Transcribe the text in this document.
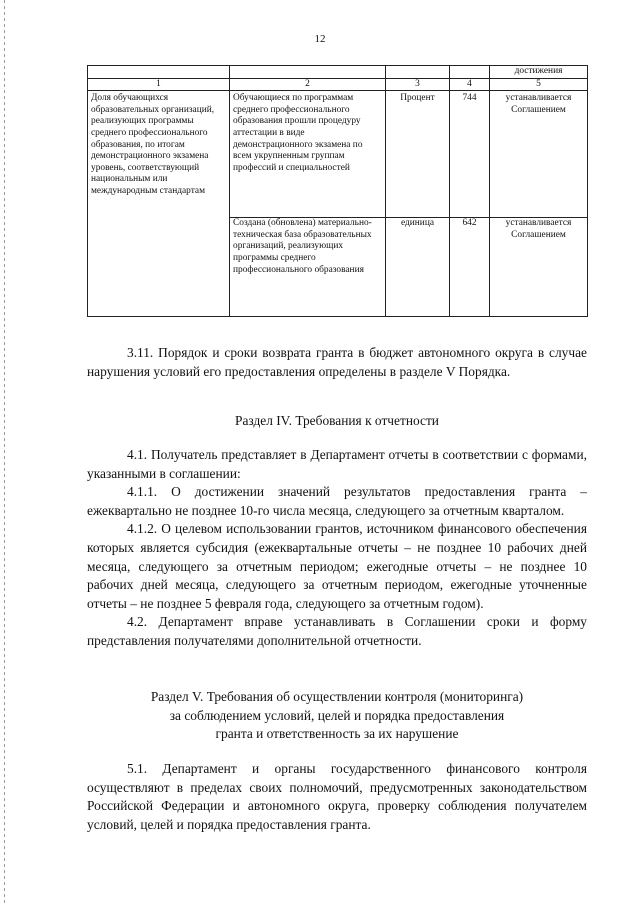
12
				достижения
1	2	3	4	5
Доля обучающихся образовательных организаций, реализующих программы среднего профессионального образования, по итогам демонстрационного экзамена уровень, соответствующий национальным или международным стандартам	Обучающиеся по программам среднего профессионального образования прошли процедуру аттестации в виде демонстрационного экзамена по всем укрупненным группам профессий и специальностей	Процент	744	устанавливается Соглашением
	Создана (обновлена) материально-техническая база образовательных организаций, реализующих программы среднего профессионального образования	единица	642	устанавливается Соглашением

3.11. Порядок и сроки возврата гранта в бюджет автономного округа в случае нарушения условий его предоставления определены в разделе V Порядка.

Раздел IV. Требования к отчетности

4.1. Получатель представляет в Департамент отчеты в соответствии с формами, указанными в соглашении:

4.1.1. О достижении значений результатов предоставления гранта – ежеквартально не позднее 10-го числа месяца, следующего за отчетным кварталом.

4.1.2. О целевом использовании грантов, источником финансового обеспечения которых является субсидия (ежеквартальные отчеты – не позднее 10 рабочих дней месяца, следующего за отчетным периодом; ежегодные отчеты – не позднее 10 рабочих дней месяца, следующего за отчетным периодом, ежегодные уточненные отчеты – не позднее 5 февраля года, следующего за отчетным годом).

4.2. Департамент вправе устанавливать в Соглашении сроки и форму представления получателями дополнительной отчетности.

Раздел V. Требования об осуществлении контроля (мониторинга)
за соблюдением условий, целей и порядка предоставления
гранта и ответственность за их нарушение

5.1. Департамент и органы государственного финансового контроля осуществляют в пределах своих полномочий, предусмотренных законодательством Российской Федерации и автономного округа, проверку соблюдения получателем условий, целей и порядка предоставления гранта.
